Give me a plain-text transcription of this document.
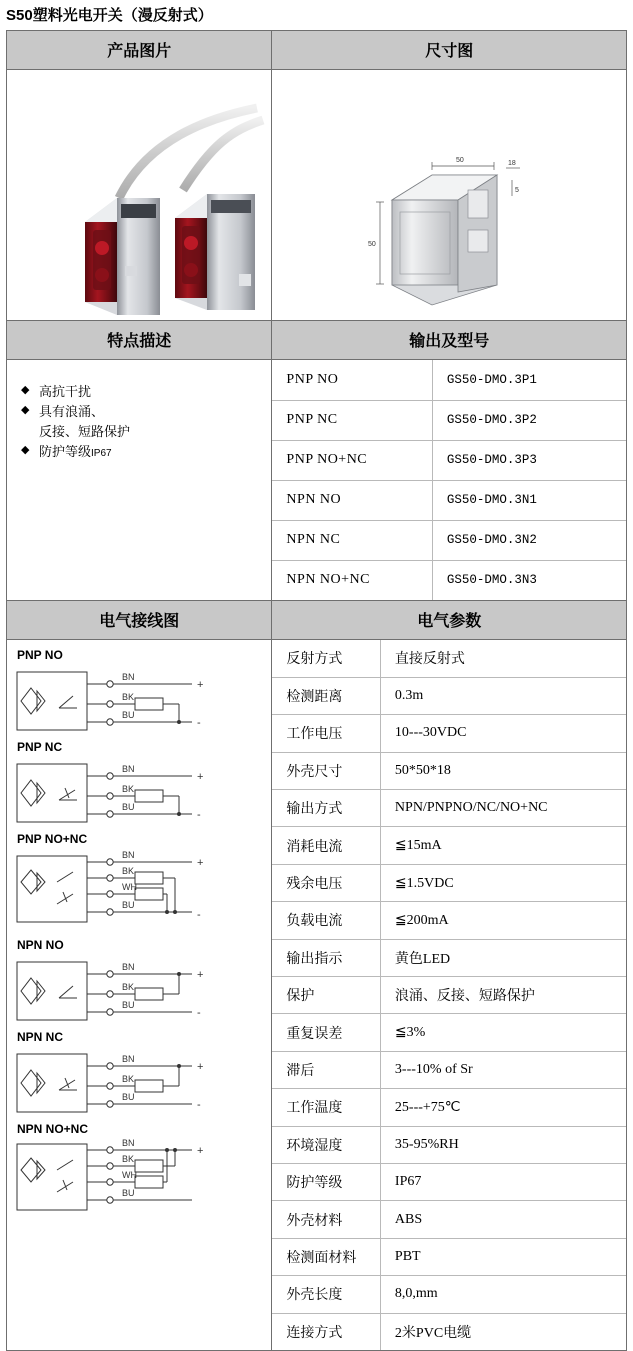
S50塑料光电开关（漫反射式）
产品图片	尺寸图

50	18
5
50

特点描述	输出及型号

◆ 高抗干扰
◆ 具有浪涌、
反接、短路保护
◆ 防护等级IP67

PNP NO	GS50-DMO.3P1
PNP NC	GS50-DMO.3P2
PNP NO+NC	GS50-DMO.3P3
NPN NO	GS50-DMO.3N1
NPN NC	GS50-DMO.3N2
NPN NO+NC	GS50-DMO.3N3

电气接线图	电气参数

PNP NO
BN
BK
BU
+
-
PNP NC
BN
BK
BU
+
-
PNP NO+NC
BN
BK
WH
BU
+
-
NPN NO
BN
BK
BU
+
-
NPN NC
BN
BK
BU
+
-
NPN NO+NC
BN
BK
WH
BU
+

反射方式	直接反射式
检测距离	0.3m
工作电压	10---30VDC
外壳尺寸	50*50*18
输出方式	NPN/PNPNO/NC/NO+NC
消耗电流	≦15mA
残余电压	≦1.5VDC
负载电流	≦200mA
输出指示	黄色LED
保护	浪涌、反接、短路保护
重复误差	≦3%
滞后	3---10% of Sr
工作温度	25---+75℃
环境湿度	35-95%RH
防护等级	IP67
外壳材料	ABS
检测面材料	PBT
外壳长度	8,0,mm
连接方式	2米PVC电缆
